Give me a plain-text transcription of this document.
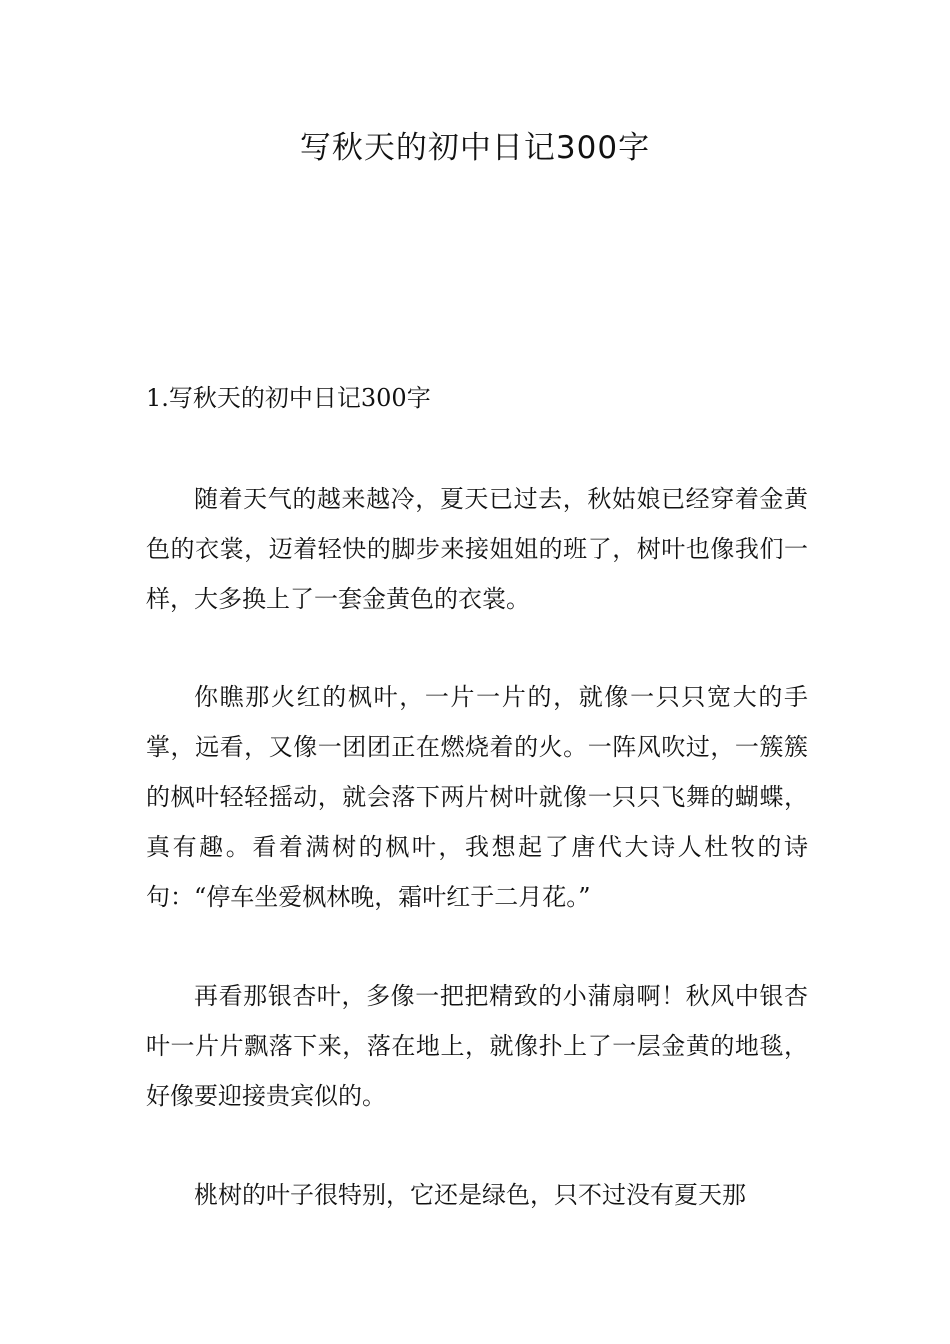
写秋天的初中日记300字
1.写秋天的初中日记300字

随着天气的越来越冷，夏天已过去，秋姑娘已经穿着金黄色的衣裳，迈着轻快的脚步来接姐姐的班了，树叶也像我们一样，大多换上了一套金黄色的衣裳。

你瞧那火红的枫叶，一片一片的，就像一只只宽大的手掌，远看，又像一团团正在燃烧着的火。一阵风吹过，一簇簇的枫叶轻轻摇动，就会落下两片树叶就像一只只飞舞的蝴蝶，真有趣。看着满树的枫叶，我想起了唐代大诗人杜牧的诗句：“停车坐爱枫林晚，霜叶红于二月花。”

再看那银杏叶，多像一把把精致的小蒲扇啊！秋风中银杏叶一片片飘落下来，落在地上，就像扑上了一层金黄的地毯，好像要迎接贵宾似的。

桃树的叶子很特别，它还是绿色，只不过没有夏天那
